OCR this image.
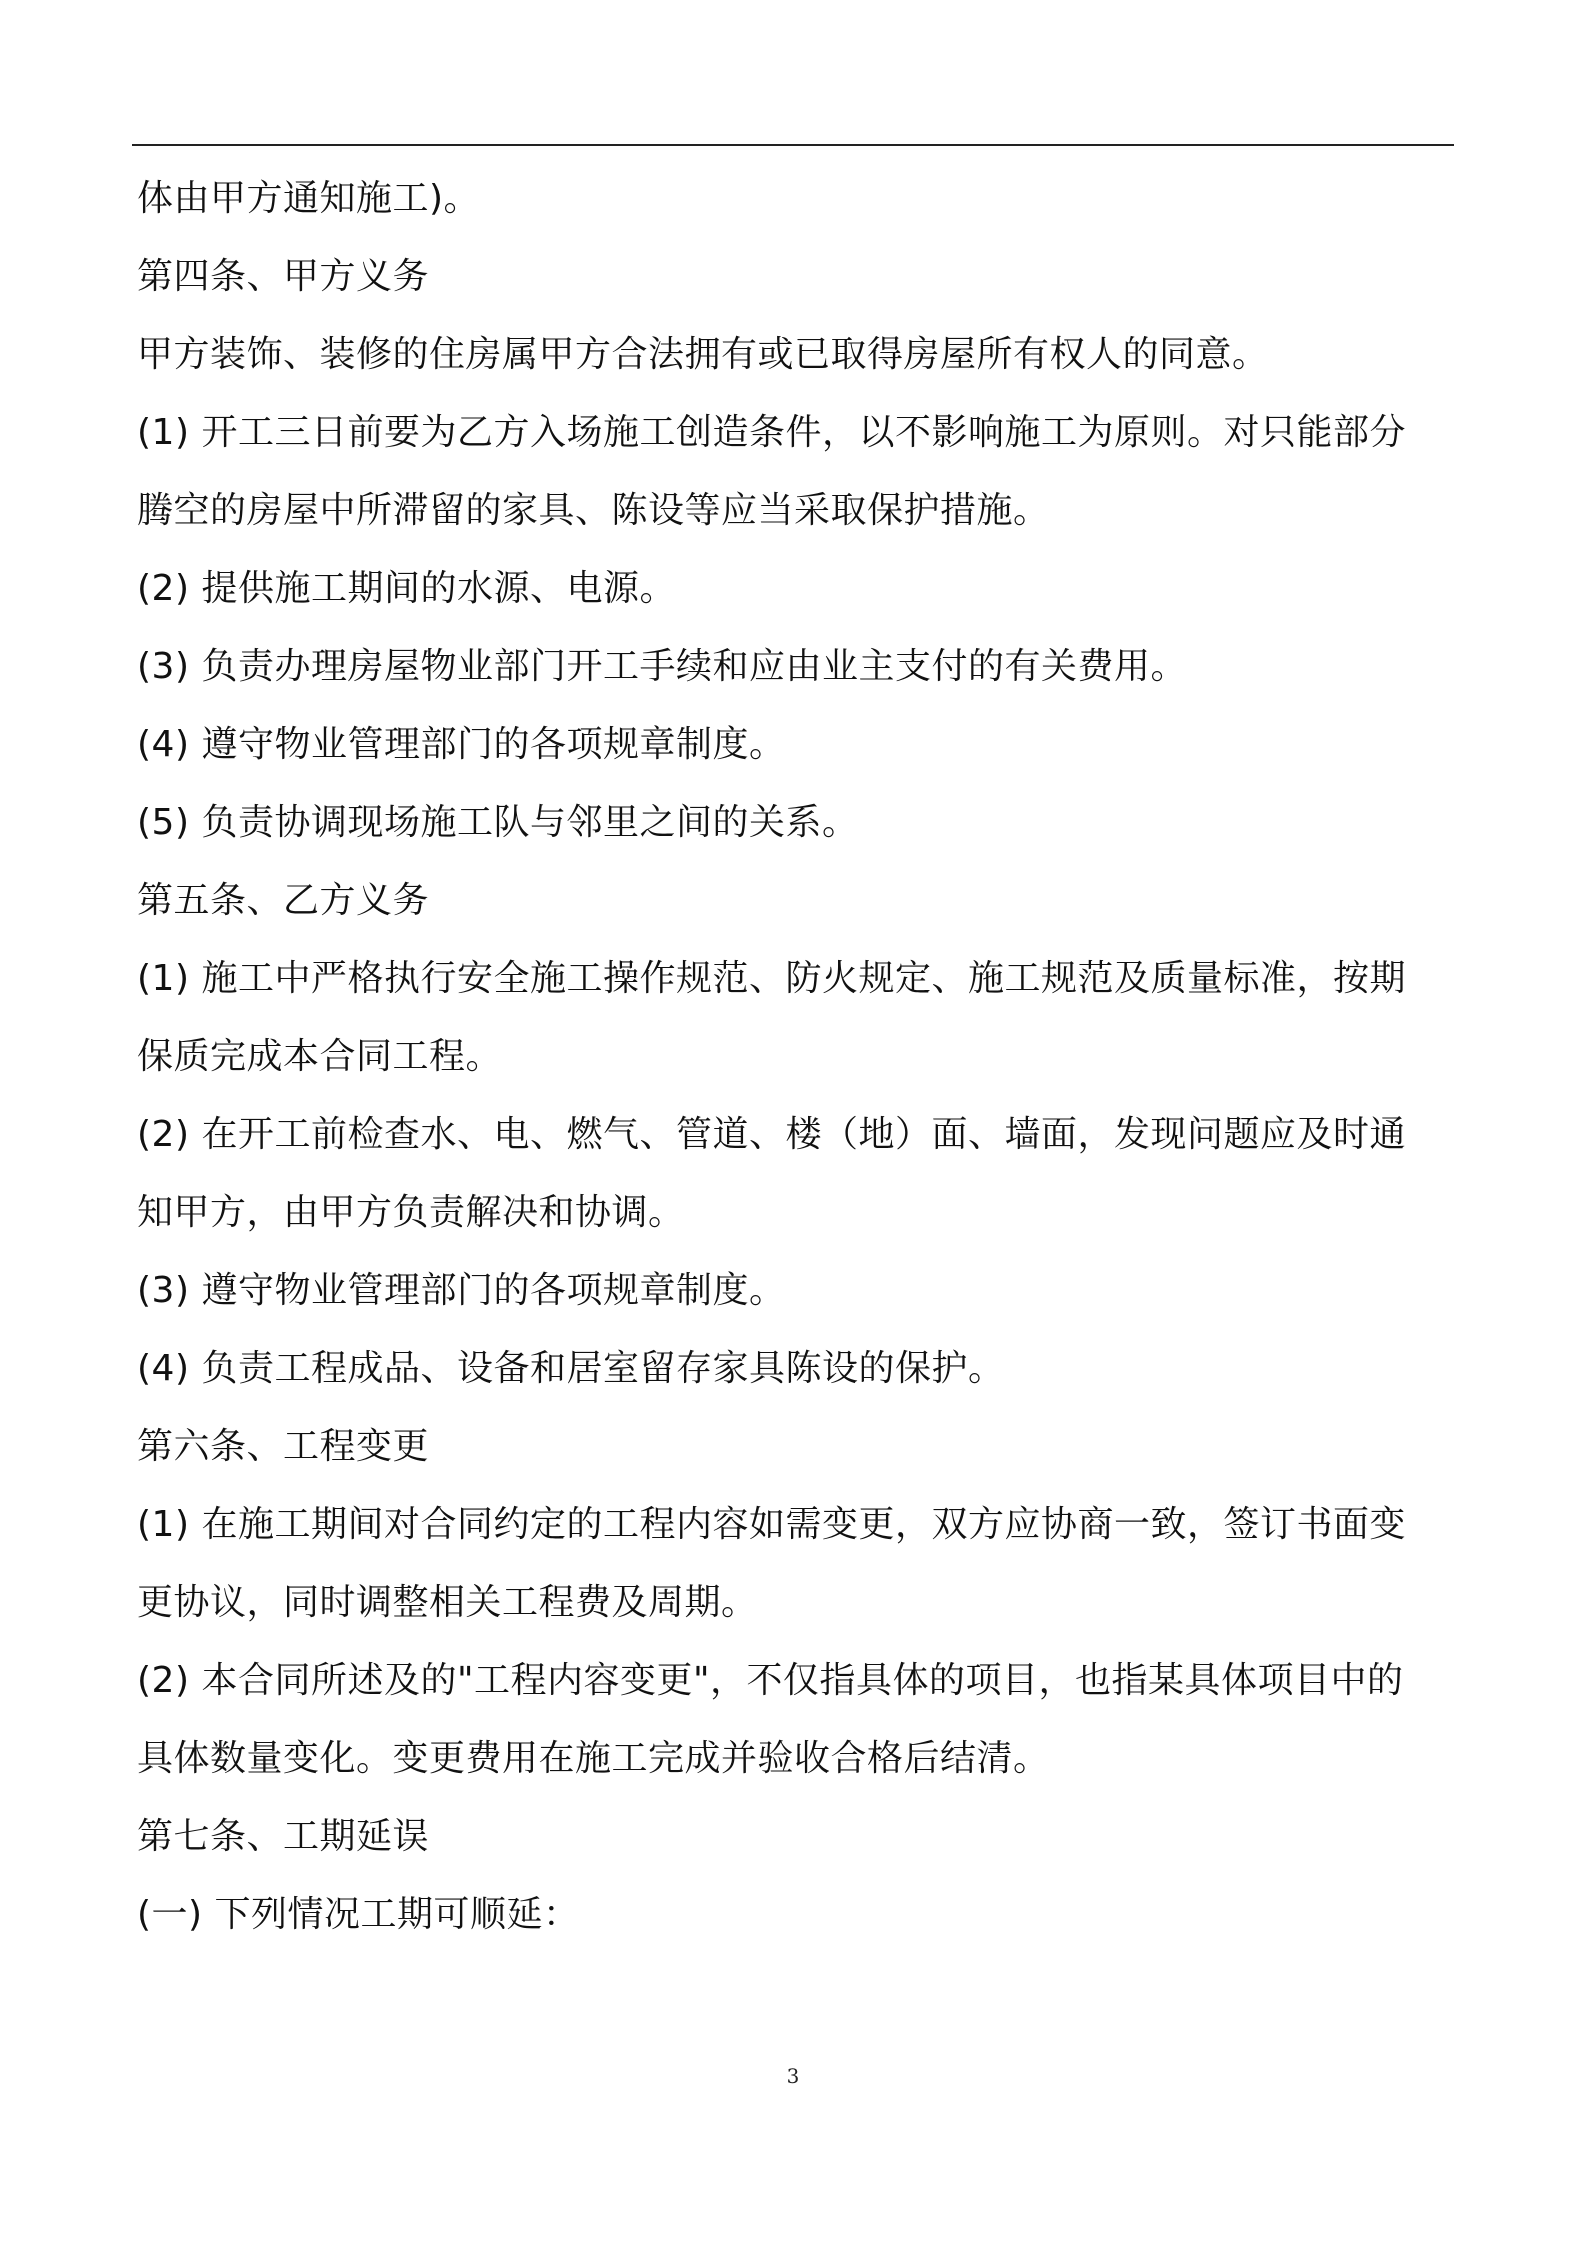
体由甲方通知施工)。
第四条、甲方义务
甲方装饰、装修的住房属甲方合法拥有或已取得房屋所有权人的同意。
(1) 开工三日前要为乙方入场施工创造条件，以不影响施工为原则。对只能部分
腾空的房屋中所滞留的家具、陈设等应当采取保护措施。
(2) 提供施工期间的水源、电源。
(3) 负责办理房屋物业部门开工手续和应由业主支付的有关费用。
(4) 遵守物业管理部门的各项规章制度。
(5) 负责协调现场施工队与邻里之间的关系。
第五条、乙方义务
(1) 施工中严格执行安全施工操作规范、防火规定、施工规范及质量标准，按期
保质完成本合同工程。
(2) 在开工前检查水、电、燃气、管道、楼（地）面、墙面，发现问题应及时通
知甲方，由甲方负责解决和协调。
(3) 遵守物业管理部门的各项规章制度。
(4) 负责工程成品、设备和居室留存家具陈设的保护。
第六条、工程变更
(1) 在施工期间对合同约定的工程内容如需变更，双方应协商一致，签订书面变
更协议，同时调整相关工程费及周期。
(2) 本合同所述及的"工程内容变更"，不仅指具体的项目，也指某具体项目中的
具体数量变化。变更费用在施工完成并验收合格后结清。
第七条、工期延误
(一) 下列情况工期可顺延：
3
